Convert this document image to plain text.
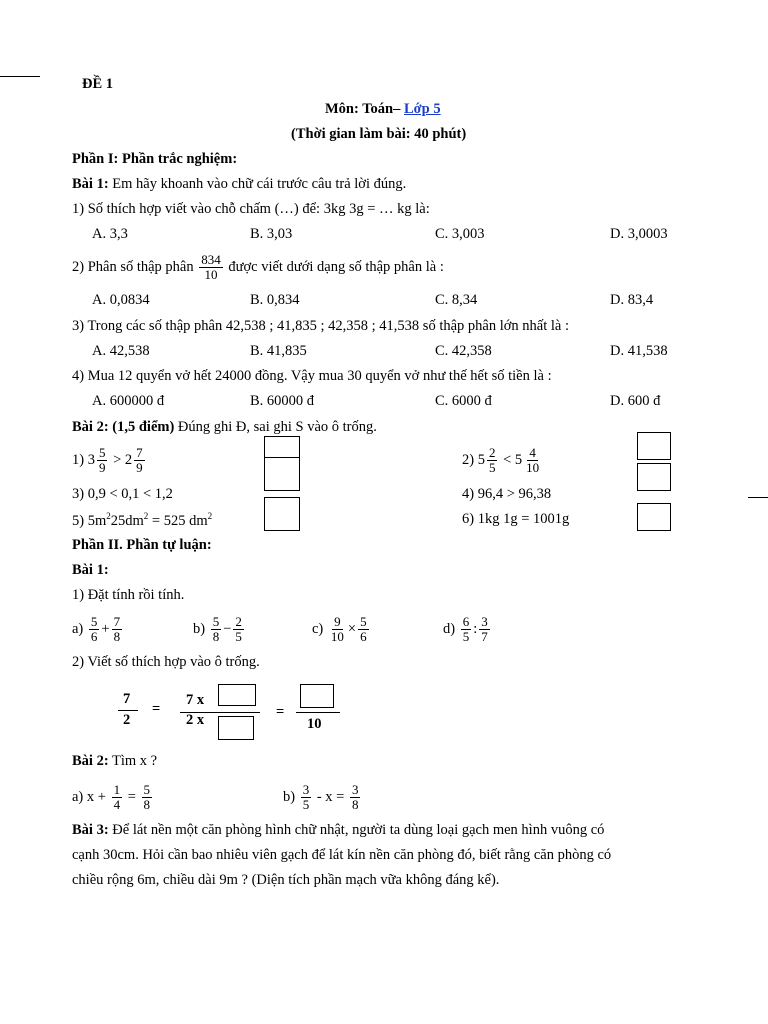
ĐỀ 1
Môn: Toán– Lớp 5
(Thời gian làm bài: 40 phút)
Phần I: Phần trắc nghiệm:
Bài 1: Em hãy khoanh vào chữ cái trước câu trả lời đúng.
1) Số thích hợp viết vào chỗ chấm (…) để: 3kg 3g = … kg là:
A. 3,3	B. 3,03	C. 3,003	D. 3,0003
2) Phân số thập phân $\frac{834}{10}$ được viết dưới dạng số thập phân là :
A. 0,0834	B. 0,834	C. 8,34	D. 83,4
3) Trong các số thập phân 42,538 ; 41,835 ; 42,358 ; 41,538 số thập phân lớn nhất là :
A. 42,538	B. 41,835	C. 42,358	D. 41,538
4) Mua 12 quyển vở hết 24000 đồng. Vậy mua 30 quyển vở như thế hết số tiền là :
A. 600000 đ	B. 60000 đ	C. 6000 đ	D. 600 đ
Bài 2: (1,5 điểm) Đúng ghi Đ, sai ghi S vào ô trống.
1) $3 \frac{5}{9} > 2 \frac{7}{9}$	2) $5 \frac{2}{5} < 5 \frac{4}{10}$
3) 0,9 < 0,1 < 1,2	4) 96,4 > 96,38
5) $5m^225dm^2 = 525$ $dm^2$	6) 1kg 1g = 1001g
Phần II. Phần tự luận:
Bài 1:
1) Đặt tính rồi tính.
$a) \frac{5}{6} + \frac{7}{8}$	$b) \frac{5}{8} - \frac{2}{5}$	$c) \frac{9}{10} \times \frac{5}{6}$	$d) \frac{6}{5}$ : $\frac{3}{7}$
2) Viết số thích hợp vào ô trống.
7
2
=
7 x
2 x	=
10
Bài 2: Tìm x ?
a) $x + \frac{1}{4} = \frac{5}{8}$	$b) \frac{3}{5} - x = \frac{3}{8}$
Bài 3: Để lát nền một căn phòng hình chữ nhật, người ta dùng loại gạch men hình vuông có
cạnh 30cm. Hỏi cần bao nhiêu viên gạch để lát kín nền căn phòng đó, biết rằng căn phòng có
chiều rộng 6m, chiều dài 9m ? (Diện tích phần mạch vữa không đáng kể).
